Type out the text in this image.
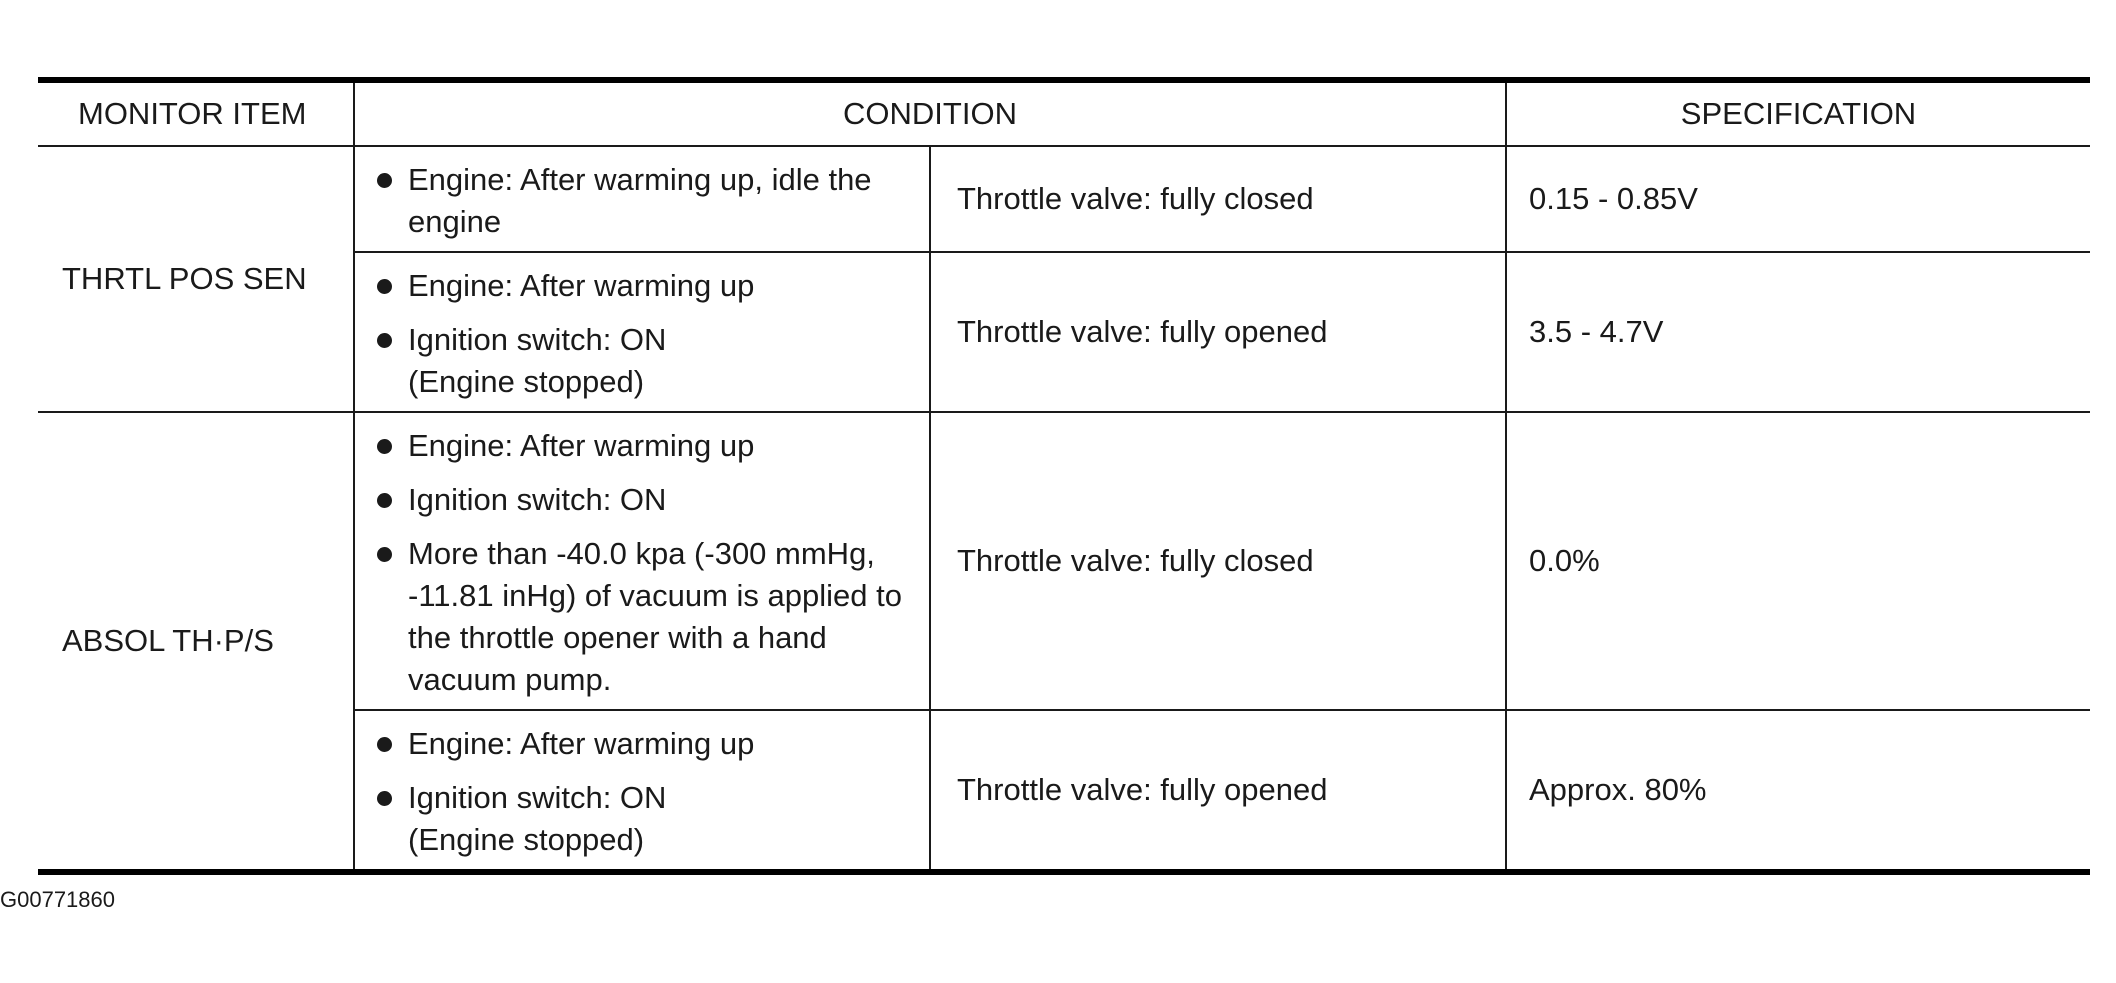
MONITOR ITEM	CONDITION		SPECIFICATION
THRTL POS SEN	Engine: After warming up, idle the engine	Throttle valve: fully closed	0.15 - 0.85V

	Engine: After warming up
Ignition switch: ON
(Engine stopped)	Throttle valve: fully opened	3.5 - 4.7V
ABSOL TH·P/S	Engine: After warming up
Ignition switch: ON
More than -40.0 kpa (-300 mmHg, -11.81 inHg) of vacuum is applied to the throttle opener with a hand vacuum pump.	Throttle valve: fully closed	0.0%

	Engine: After warming up
Ignition switch: ON
(Engine stopped)	Throttle valve: fully opened	Approx. 80%
G00771860
